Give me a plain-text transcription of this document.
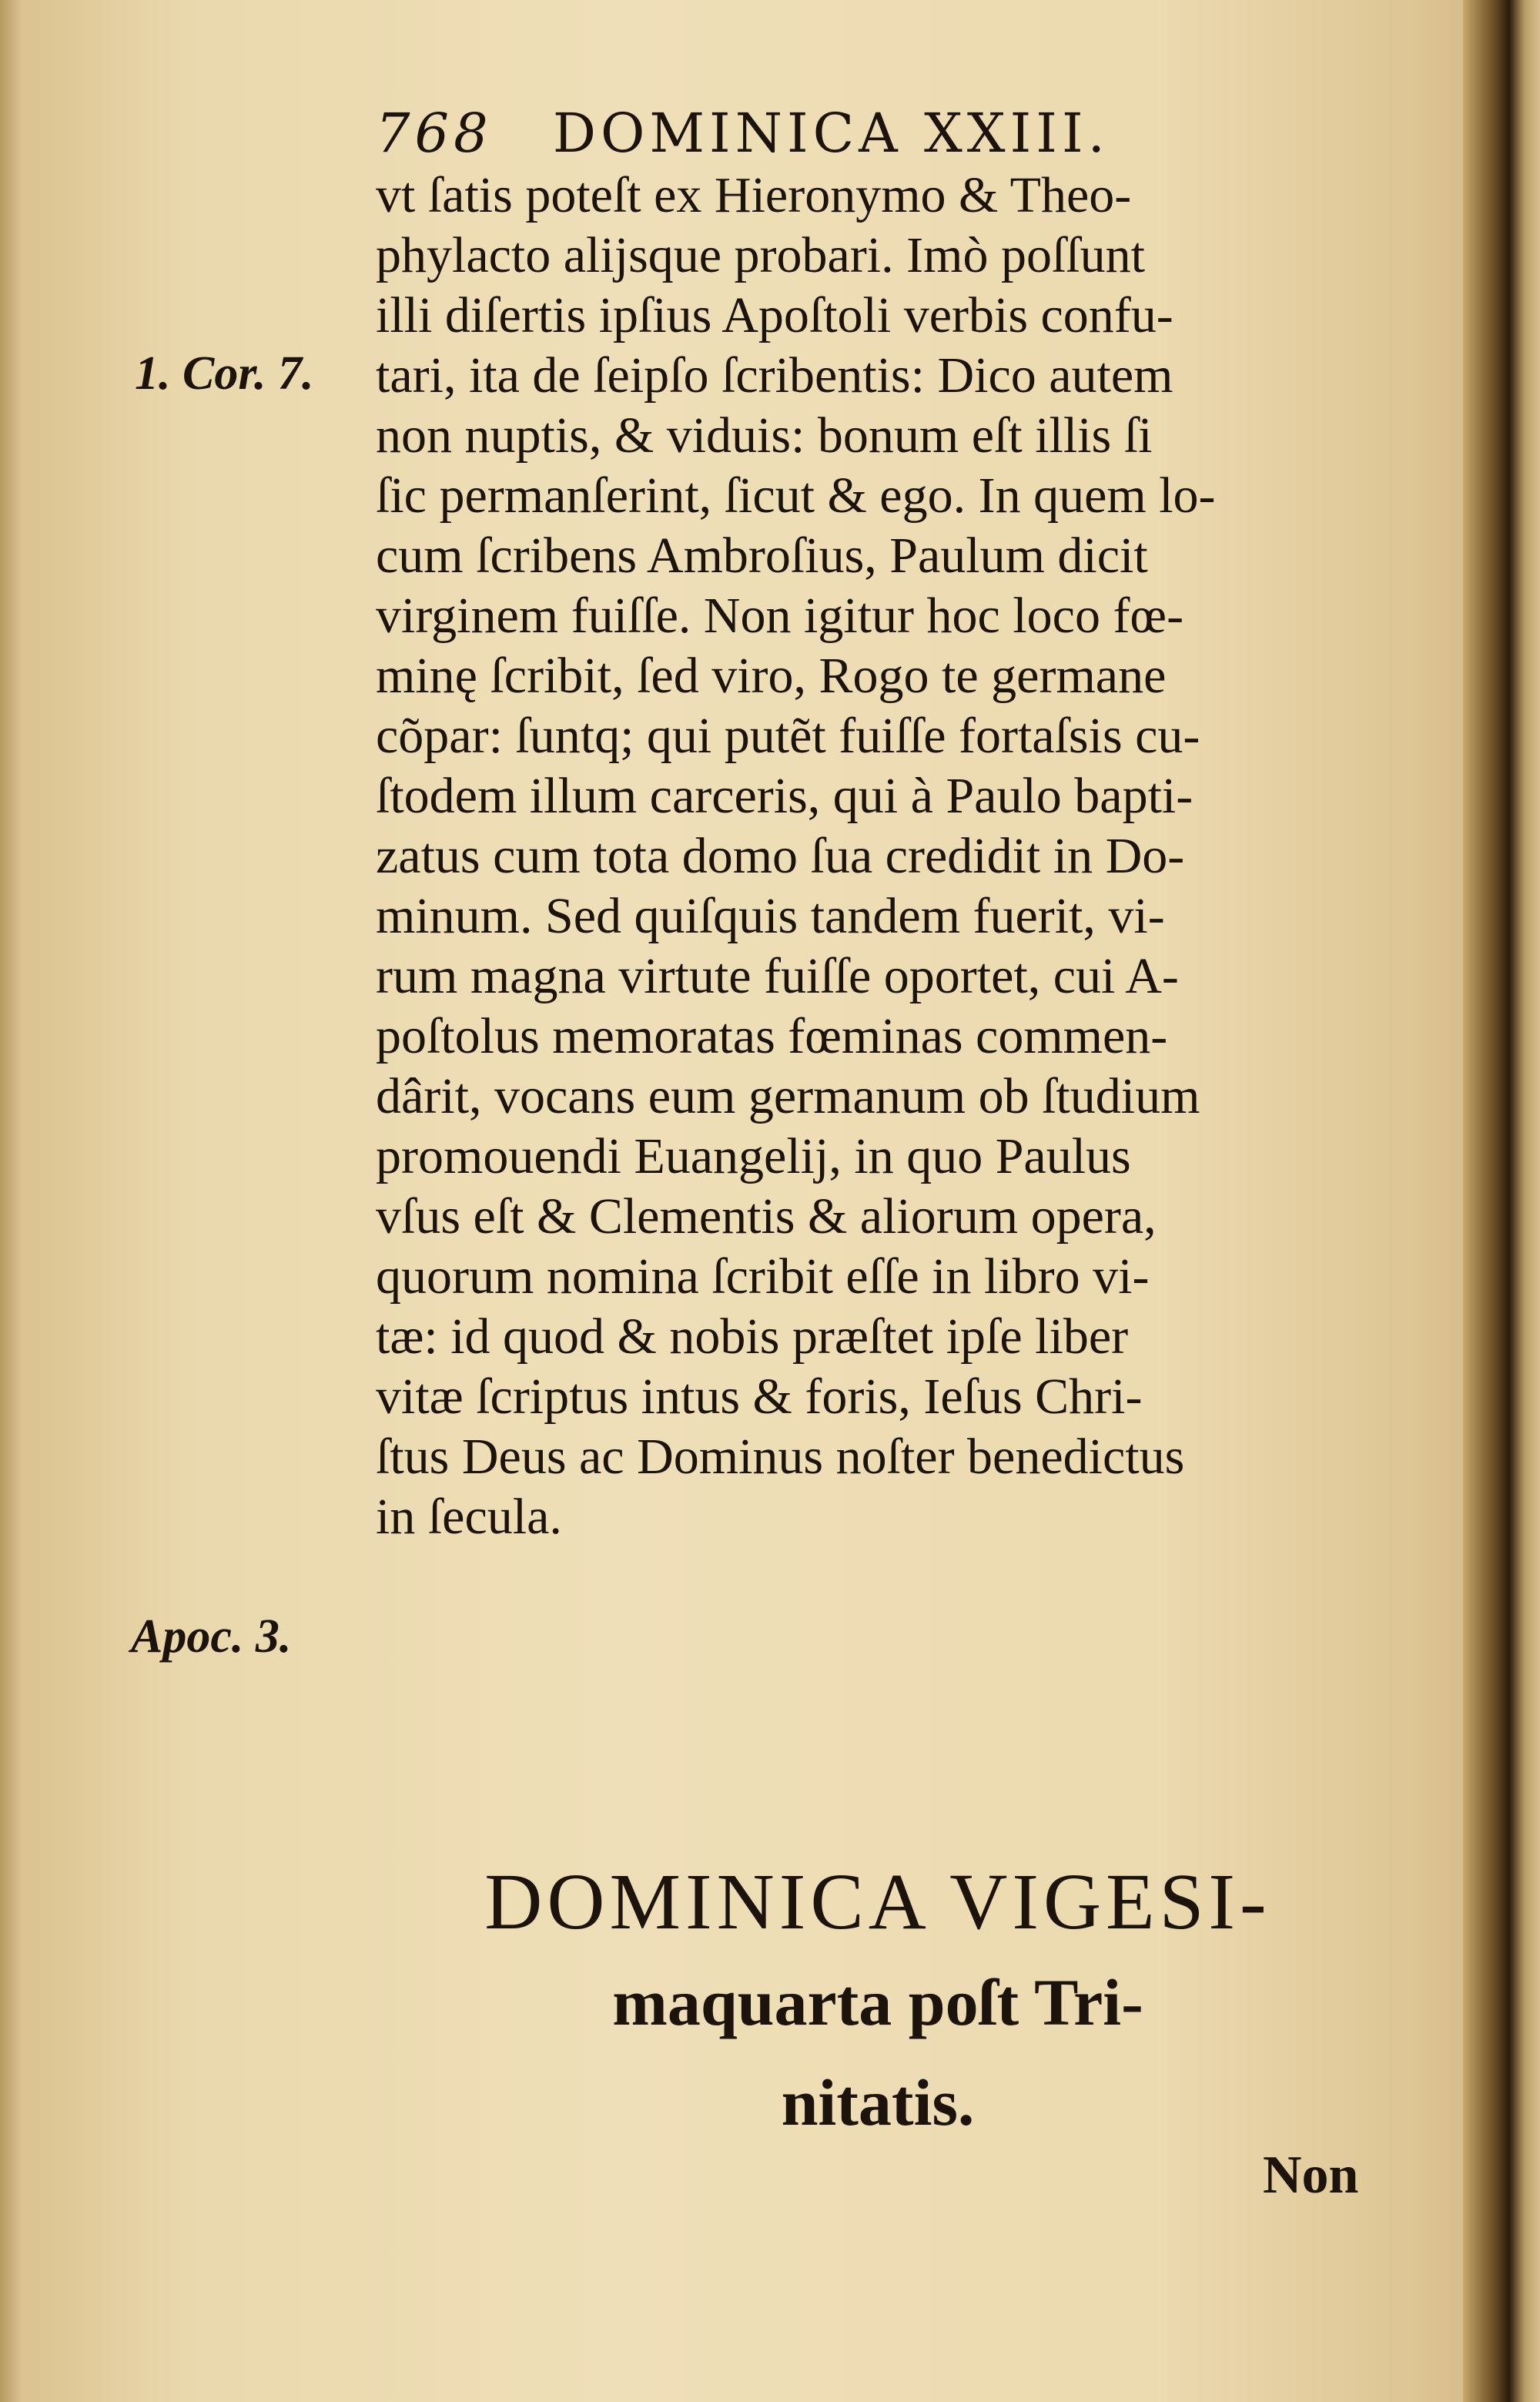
768 DOMINICA XXIII.
1. Cor. 7.
Apoc. 3.
vt ſatis poteſt ex Hieronymo & Theo-
phylacto alijsque probari. Imò poſſunt
illi diſertis ipſius Apoſtoli verbis confu-
tari, ita de ſeipſo ſcribentis: Dico autem
non nuptis, & viduis: bonum eſt illis ſi
ſic permanſerint, ſicut & ego. In quem lo-
cum ſcribens Ambroſius, Paulum dicit
virginem fuiſſe. Non igitur hoc loco fœ-
minę ſcribit, ſed viro, Rogo te germane
cõpar: ſuntq; qui putẽt fuiſſe fortaſsis cu-
ſtodem illum carceris, qui à Paulo bapti-
zatus cum tota domo ſua credidit in Do-
minum. Sed quiſquis tandem fuerit, vi-
rum magna virtute fuiſſe oportet, cui A-
poſtolus memoratas fœminas commen-
dârit, vocans eum germanum ob ſtudium
promouendi Euangelij, in quo Paulus
vſus eſt & Clementis & aliorum opera,
quorum nomina ſcribit eſſe in libro vi-
tæ: id quod & nobis præſtet ipſe liber
vitæ ſcriptus intus & foris, Ieſus Chri-
ſtus Deus ac Dominus noſter benedictus
in ſecula.
DOMINICA VIGESI-
maquarta poſt Tri-
nitatis.
Non
